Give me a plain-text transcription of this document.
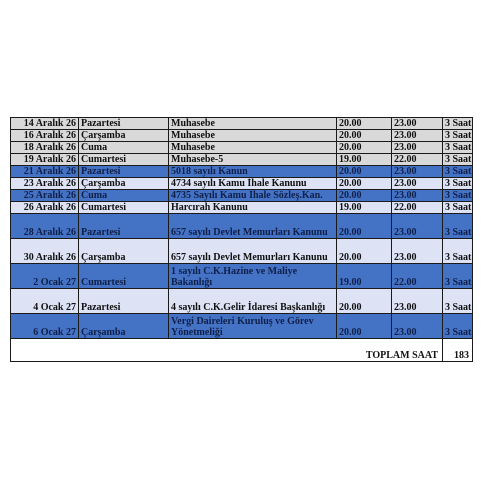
14 Aralık 26	Pazartesi	Muhasebe	20.00	23.00	3 Saat
16 Aralık 26	Çarşamba	Muhasebe	20.00	23.00	3 Saat
18 Aralık 26	Cuma	Muhasebe	20.00	23.00	3 Saat
19 Aralık 26	Cumartesi	Muhasebe-5	19.00	22.00	3 Saat
21 Aralık 26	Pazartesi	5018 sayılı Kanun	20.00	23.00	3 Saat
23 Aralık 26	Çarşamba	4734 sayılı Kamu İhale Kanunu	20.00	23.00	3 Saat
25 Aralık 26	Cuma	4735 Sayılı Kamu İhale Sözleş.Kan.	20.00	23.00	3 Saat
26 Aralık 26	Cumartesi	Harcırah Kanunu	19.00	22.00	3 Saat
28 Aralık 26	Pazartesi	657 sayılı Devlet Memurları Kanunu	20.00	23.00	3 Saat
30 Aralık 26	Çarşamba	657 sayılı Devlet Memurları Kanunu	20.00	23.00	3 Saat
2 Ocak 27	Cumartesi	1 sayılı C.K.Hazine ve Maliye Bakanlığı	19.00	22.00	3 Saat
4 Ocak 27	Pazartesi	4 sayılı C.K.Gelir İdaresi Başkanlığı	20.00	23.00	3 Saat
6 Ocak 27	Çarşamba	Vergi Daireleri Kuruluş ve Görev Yönetmeliği	20.00	23.00	3 Saat
TOPLAM SAAT					183
